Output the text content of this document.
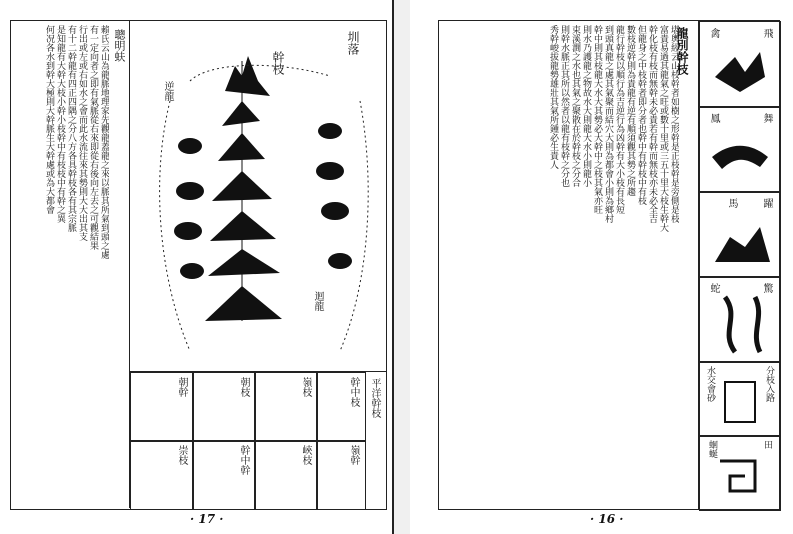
圳落
幹枝
逆龍
迴龍
聰明蚨
平洋幹枝
朝幹	朝枝	嶺枝	幹中枝
崇枝	幹中幹	峽枝	嶺幹
賴氏云山為龍脈地理家先觀龍蓋龍之來以脈其所氣到頭之處
有一定向者之即有氣脈從右來即從右後向左去之可觀結果
行出或左或右如水之會而此水流往來其勢則大大出其支
有十二幹龍有四正四隅之分八方各具幹枝各有其宗脈
是知龍有大幹大枝小幹小枝幹中有枝枝中有幹之異
何况各水到幹大極則大幹脈生大幹處或為大都會
· 17 ·
飛
禽
舞
鳳
躍
馬
驚
蛇
分枝入路
水交會砂
田
蛔蜒
龍別幹枝
堪輿經云山枝幹者如樹之形幹是正枝幹是旁側是枝
富貴易過其龍氣之旺或數十里或三五十里大枝生幹大
幹化枝有枝而無幹未必貴若有幹而無枝亦未必全吉
但龍身之中枝幹者即分者也幹中有幹枝中有枝
數枝逆幹則為貴龍有逆有順須觀其勢之所趨
龍行幹枝以順行為吉逆行為凶幹有大小枝有長短
到頭真龍之處其氣聚而結穴大則為都會小則為鄉村
幹中則其枝龍大水大其勢必大幹中之枝其氣亦旺
則水乃護龍之物故水大則龍大水小則龍小
束溪澗之水也其氣之聚散在於幹枝之分合
則幹水脈正其所以然者以龍有枝幹之分也
秀幹峻拔龍勢雄壯其氣所鍾必生貴人
· 16 ·
